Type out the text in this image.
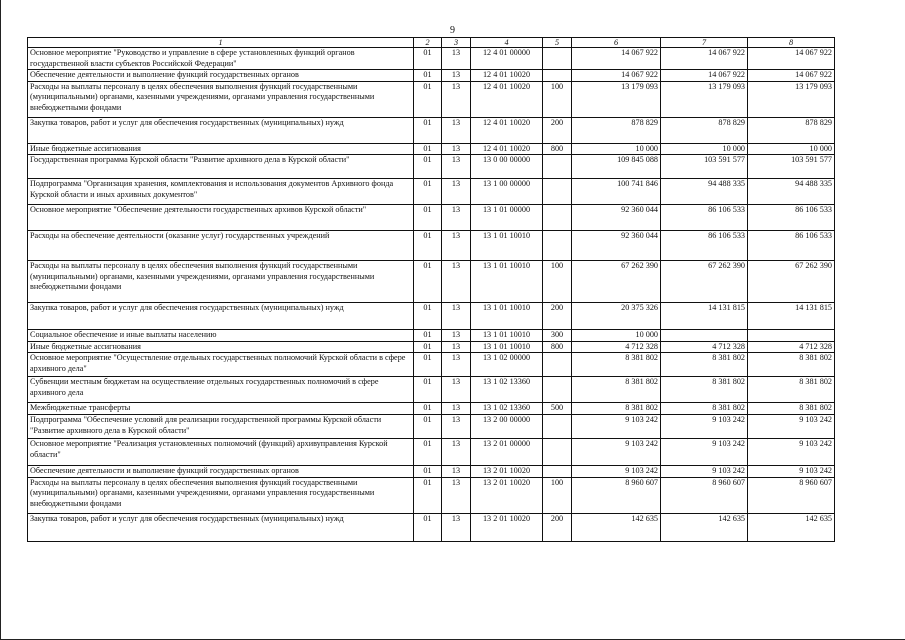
9
1	2	3	4	5	6	7	8
Основное мероприятие "Руководство и управление в сфере установленных функций органов государственной власти субъектов Российской Федерации"	01	13	12 4 01 00000		14 067 922	14 067 922	14 067 922
Обеспечение деятельности и выполнение функций государственных органов	01	13	12 4 01 10020		14 067 922	14 067 922	14 067 922
Расходы на выплаты персоналу в целях обеспечения выполнения функций государственными (муниципальными) органами, казенными учреждениями, органами управления государственными внебюджетными фондами	01	13	12 4 01 10020	100	13 179 093	13 179 093	13 179 093
Закупка товаров, работ и услуг для обеспечения государственных (муниципальных) нужд	01	13	12 4 01 10020	200	878 829	878 829	878 829
Иные бюджетные ассигнования	01	13	12 4 01 10020	800	10 000	10 000	10 000
Государственная программа Курской области "Развитие архивного дела в Курской области"	01	13	13 0 00 00000		109 845 088	103 591 577	103 591 577
Подпрограмма "Организация хранения, комплектования и использования документов Архивного фонда Курской области и иных архивных документов"	01	13	13 1 00 00000		100 741 846	94 488 335	94 488 335
Основное мероприятие "Обеспечение деятельности государственных архивов Курской области"	01	13	13 1 01 00000		92 360 044	86 106 533	86 106 533
Расходы на обеспечение деятельности (оказание услуг) государственных учреждений	01	13	13 1 01 10010		92 360 044	86 106 533	86 106 533
Расходы на выплаты персоналу в целях обеспечения выполнения функций государственными (муниципальными) органами, казенными учреждениями, органами управления государственными внебюджетными фондами	01	13	13 1 01 10010	100	67 262 390	67 262 390	67 262 390
Закупка товаров, работ и услуг для обеспечения государственных (муниципальных) нужд	01	13	13 1 01 10010	200	20 375 326	14 131 815	14 131 815
Социальное обеспечение и иные выплаты населению	01	13	13 1 01 10010	300	10 000		
Иные бюджетные ассигнования	01	13	13 1 01 10010	800	4 712 328	4 712 328	4 712 328
Основное мероприятие "Осуществление отдельных государственных полномочий Курской области в сфере архивного дела"	01	13	13 1 02 00000		8 381 802	8 381 802	8 381 802
Субвенции местным бюджетам на осуществление отдельных государственных полномочий в сфере архивного дела	01	13	13 1 02 13360		8 381 802	8 381 802	8 381 802
Межбюджетные трансферты	01	13	13 1 02 13360	500	8 381 802	8 381 802	8 381 802
Подпрограмма "Обеспечение условий для реализации государственной программы Курской области "Развитие архивного дела в Курской области"	01	13	13 2 00 00000		9 103 242	9 103 242	9 103 242
Основное мероприятие "Реализация установленных полномочий (функций) архивуправления Курской области"	01	13	13 2 01 00000		9 103 242	9 103 242	9 103 242
Обеспечение деятельности и выполнение функций государственных органов	01	13	13 2 01 10020		9 103 242	9 103 242	9 103 242
Расходы на выплаты персоналу в целях обеспечения выполнения функций государственными (муниципальными) органами, казенными учреждениями, органами управления государственными внебюджетными фондами	01	13	13 2 01 10020	100	8 960 607	8 960 607	8 960 607
Закупка товаров, работ и услуг для обеспечения государственных (муниципальных) нужд	01	13	13 2 01 10020	200	142 635	142 635	142 635
